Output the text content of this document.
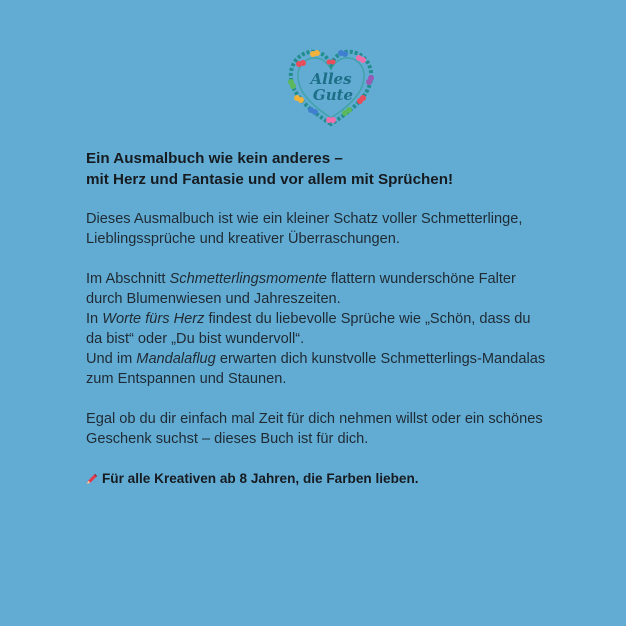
Alles
Gute

Ein Ausmalbuch wie kein anderes –
mit Herz und Fantasie und vor allem mit Sprüchen!

Dieses Ausmalbuch ist wie ein kleiner Schatz voller Schmetterlinge,
Lieblingssprüche und kreativer Überraschungen.

Im Abschnitt Schmetterlingsmomente flattern wunderschöne Falter
durch Blumenwiesen und Jahreszeiten.
In Worte fürs Herz findest du liebevolle Sprüche wie „Schön, dass du
da bist“ oder „Du bist wundervoll“.
Und im Mandalaflug erwarten dich kunstvolle Schmetterlings-Mandalas
zum Entspannen und Staunen.

Egal ob du dir einfach mal Zeit für dich nehmen willst oder ein schönes
Geschenk suchst – dieses Buch ist für dich.

Für alle Kreativen ab 8 Jahren, die Farben lieben.
